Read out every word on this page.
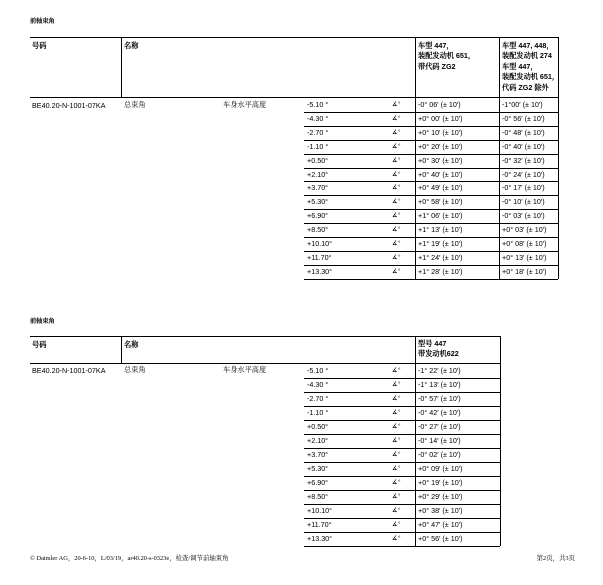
前轴束角
号码	名称	车型 447，
装配发动机 651，
带代码 ZG2
车型 447, 448，
装配发动机 274
车型 447，
装配发动机 651，
代码 ZG2 除外
BE40.20-N-1001-07KA	总束角	车身水平高度	-5.10 °	∡° -0° 06′ (± 10′)	-1°00′ (± 10′)
-4.30 °	∡° +0° 00′ (± 10′)	-0° 56′ (± 10′)
-2.70 °	∡° +0° 10′ (± 10′)	-0° 48′ (± 10′)
-1.10 °	∡° +0° 20′ (± 10′)	-0° 40′ (± 10′)
+0.50°	∡° +0° 30′ (± 10′)	-0° 32′ (± 10′)
+2.10°	∡° +0° 40′ (± 10′)	-0° 24′ (± 10′)
+3.70°	∡° +0° 49′ (± 10′)	-0° 17′ (± 10′)
+5.30°	∡° +0° 58′ (± 10′)	-0° 10′ (± 10′)
+6.90°	∡° +1° 06′ (± 10′)	-0° 03′ (± 10′)
+8.50°	∡° +1° 13′ (± 10′)	+0° 03′ (± 10′)
+10.10°	∡° +1° 19′ (± 10′)	+0° 08′ (± 10′)
+11.70°	∡° +1° 24′ (± 10′)	+0° 13′ (± 10′)
+13.30°	∡° +1° 28′ (± 10′)	+0° 18′ (± 10′)
前轴束角
号码	名称	型号 447
带发动机622
BE40.20-N-1001-07KA	总束角	车身水平高度	-5.10 °	∡° -1° 22′ (± 10′)
-4.30 °	∡° -1° 13′ (± 10′)
-2.70 °	∡° -0° 57′ (± 10′)
-1.10 °	∡° -0° 42′ (± 10′)
+0.50°	∡° -0° 27′ (± 10′)
+2.10°	∡° -0° 14′ (± 10′)
+3.70°	∡° -0° 02′ (± 10′)
+5.30°	∡° +0° 09′ (± 10′)
+6.90°	∡° +0° 19′ (± 10′)
+8.50°	∡° +0° 29′ (± 10′)
+10.10°	∡° +0° 38′ (± 10′)
+11.70°	∡° +0° 47′ (± 10′)
+13.30°	∡° +0° 56′ (± 10′)
© Daimler AG，20-6-10，L/03/19，ar40.20-s-0323e，检查/调节前轴束角	第2页，共3页
